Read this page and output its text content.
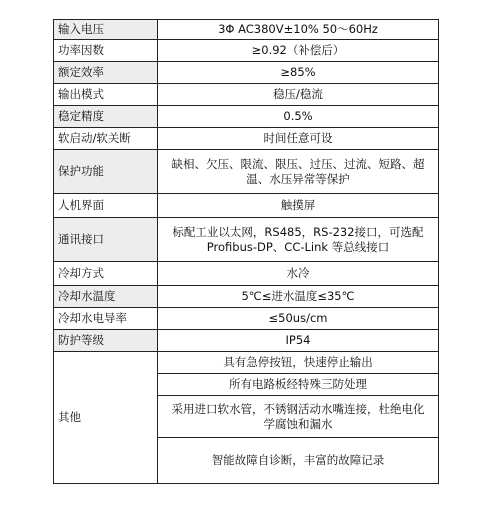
输入电压	3Φ AC380V±10% 50～60Hz
功率因数	≥0.92（补偿后）
额定效率	≥85%
输出模式	稳压/稳流
稳定精度	0.5%
软启动/软关断	时间任意可设
保护功能	缺相、欠压、限流、限压、过压、过流、短路、超温、水压异常等保护
人机界面	触摸屏
通讯接口	标配工业以太网，RS485，RS-232接口，可选配 Profibus-DP、CC-Link 等总线接口
冷却方式	水冷
冷却水温度	5℃≤进水温度≤35℃
冷却水电导率	≤50us/cm
防护等级	IP54
其他	具有急停按钮，快速停止输出
	所有电路板经特殊三防处理
	采用进口软水管，不锈钢活动水嘴连接，杜绝电化学腐蚀和漏水
	智能故障自诊断，丰富的故障记录
